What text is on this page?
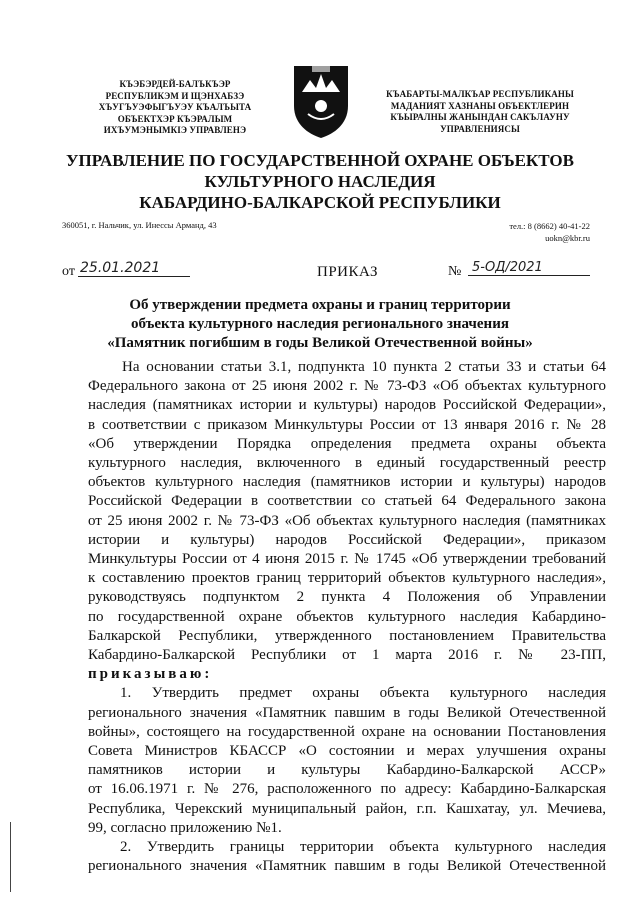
КЪЭБЭРДЕЙ-БАЛЪКЪЭР
РЕСПУБЛИКЭМ И ЩЭНХАБЗЭ
ХЪУГЪУЭФЫГЪУЭУ КЪАЛЪЫТА
ОБЪЕКТХЭР КЪЭРАЛЫМ
ИХЪУМЭНЫМКIЭ УПРАВЛЕНЭ
КЪАБАРТЫ-МАЛКЪАР РЕСПУБЛИКАНЫ
МАДАНИЯТ ХАЗНАНЫ ОБЪЕКТЛЕРИН
КЪЫРАЛНЫ ЖАНЫНДАН САКЪЛАУНУ
УПРАВЛЕНИЯСЫ
УПРАВЛЕНИЕ ПО ГОСУДАРСТВЕННОЙ ОХРАНЕ ОБЪЕКТОВ
КУЛЬТУРНОГО НАСЛЕДИЯ
КАБАРДИНО-БАЛКАРСКОЙ РЕСПУБЛИКИ
360051, г. Нальчик, ул. Инессы Арманд, 43	тел.: 8 (8662) 40-41-22
uokn@kbr.ru
от 25.01.2021	ПРИКАЗ	№ 5-ОД/2021
Об утверждении предмета охраны и границ территории
объекта культурного наследия регионального значения
«Памятник погибшим в годы Великой Отечественной войны»
На основании статьи 3.1, подпункта 10 пункта 2 статьи 33 и статьи 64
Федерального закона от 25 июня 2002 г. № 73-ФЗ «Об объектах культурного
наследия (памятниках истории и культуры) народов Российской Федерации»,
в соответствии с приказом Минкультуры России от 13 января 2016 г. № 28
«Об утверждении Порядка определения предмета охраны объекта
культурного наследия, включенного в единый государственный реестр
объектов культурного наследия (памятников истории и культуры) народов
Российской Федерации в соответствии со статьей 64 Федерального закона
от 25 июня 2002 г. № 73-ФЗ «Об объектах культурного наследия (памятниках
истории и культуры) народов Российской Федерации», приказом
Минкультуры России от 4 июня 2015 г. № 1745 «Об утверждении требований
к составлению проектов границ территорий объектов культурного наследия»,
руководствуясь подпунктом 2 пункта 4 Положения об Управлении
по государственной охране объектов культурного наследия Кабардино-
Балкарской Республики, утвержденного постановлением Правительства
Кабардино-Балкарской Республики от 1 марта 2016 г. № 23-ПП,
приказываю:
1. Утвердить предмет охраны объекта культурного наследия
регионального значения «Памятник павшим в годы Великой Отечественной
войны», состоящего на государственной охране на основании Постановления
Совета Министров КБАССР «О состоянии и мерах улучшения охраны
памятников истории и культуры Кабардино-Балкарской АССР»
от 16.06.1971 г. № 276, расположенного по адресу: Кабардино-Балкарская
Республика, Черекский муниципальный район, г.п. Кашхатау, ул. Мечиева,
99, согласно приложению №1.
2. Утвердить границы территории объекта культурного наследия
регионального значения «Памятник павшим в годы Великой Отечественной
